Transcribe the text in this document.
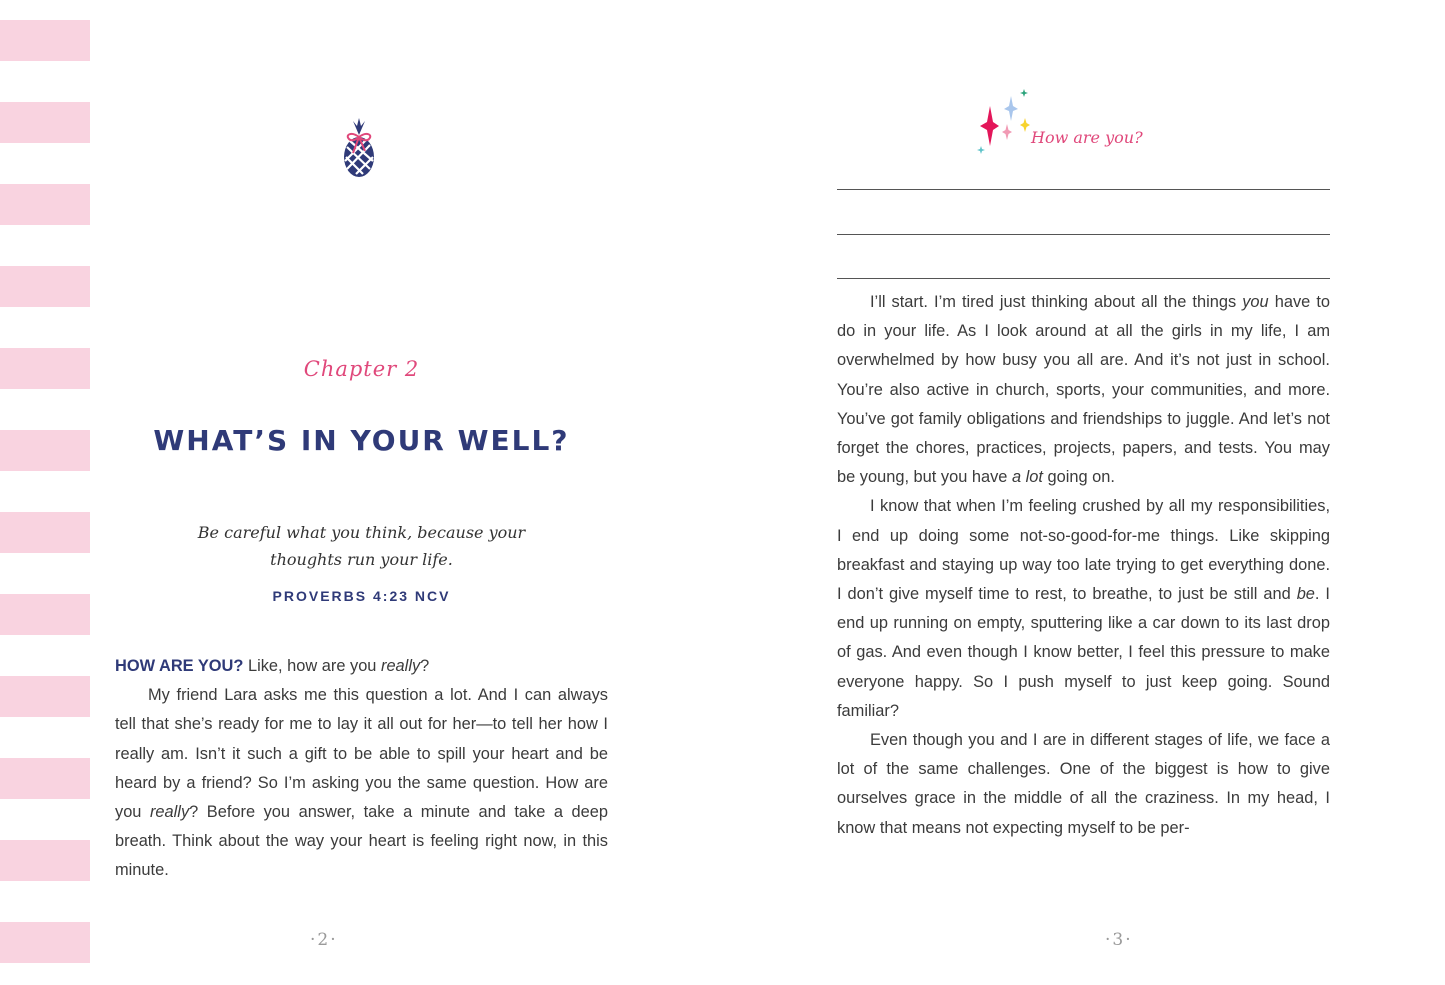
Chapter 2
WHAT’S IN YOUR WELL?
Be careful what you think, because your
thoughts run your life.
PROVERBS 4:23 NCV

HOW ARE YOU? Like, how are you really?

My friend Lara asks me this question a lot. And I can always tell that she’s ready for me to lay it all out for her—to tell her how I really am. Isn’t it such a gift to be able to spill your heart and be heard by a friend? So I’m asking you the same question. How are you really? Before you answer, take a minute and take a deep breath. Think about the way your heart is feeling right now, in this minute.

·2·
How are you?

I’ll start. I’m tired just thinking about all the things you have to do in your life. As I look around at all the girls in my life, I am overwhelmed by how busy you all are. And it’s not just in school. You’re also active in church, sports, your communities, and more. You’ve got family obligations and friendships to juggle. And let’s not forget the chores, practices, projects, papers, and tests. You may be young, but you have a lot going on.

I know that when I’m feeling crushed by all my responsibilities, I end up doing some not-so-good-for-me things. Like skipping breakfast and staying up way too late trying to get everything done. I don’t give myself time to rest, to breathe, to just be still and be. I end up running on empty, sputtering like a car down to its last drop of gas. And even though I know better, I feel this pressure to make everyone happy. So I push myself to just keep going. Sound familiar?

Even though you and I are in different stages of life, we face a lot of the same challenges. One of the biggest is how to give ourselves grace in the middle of all the craziness. In my head, I know that means not expecting myself to be per-

·3·
